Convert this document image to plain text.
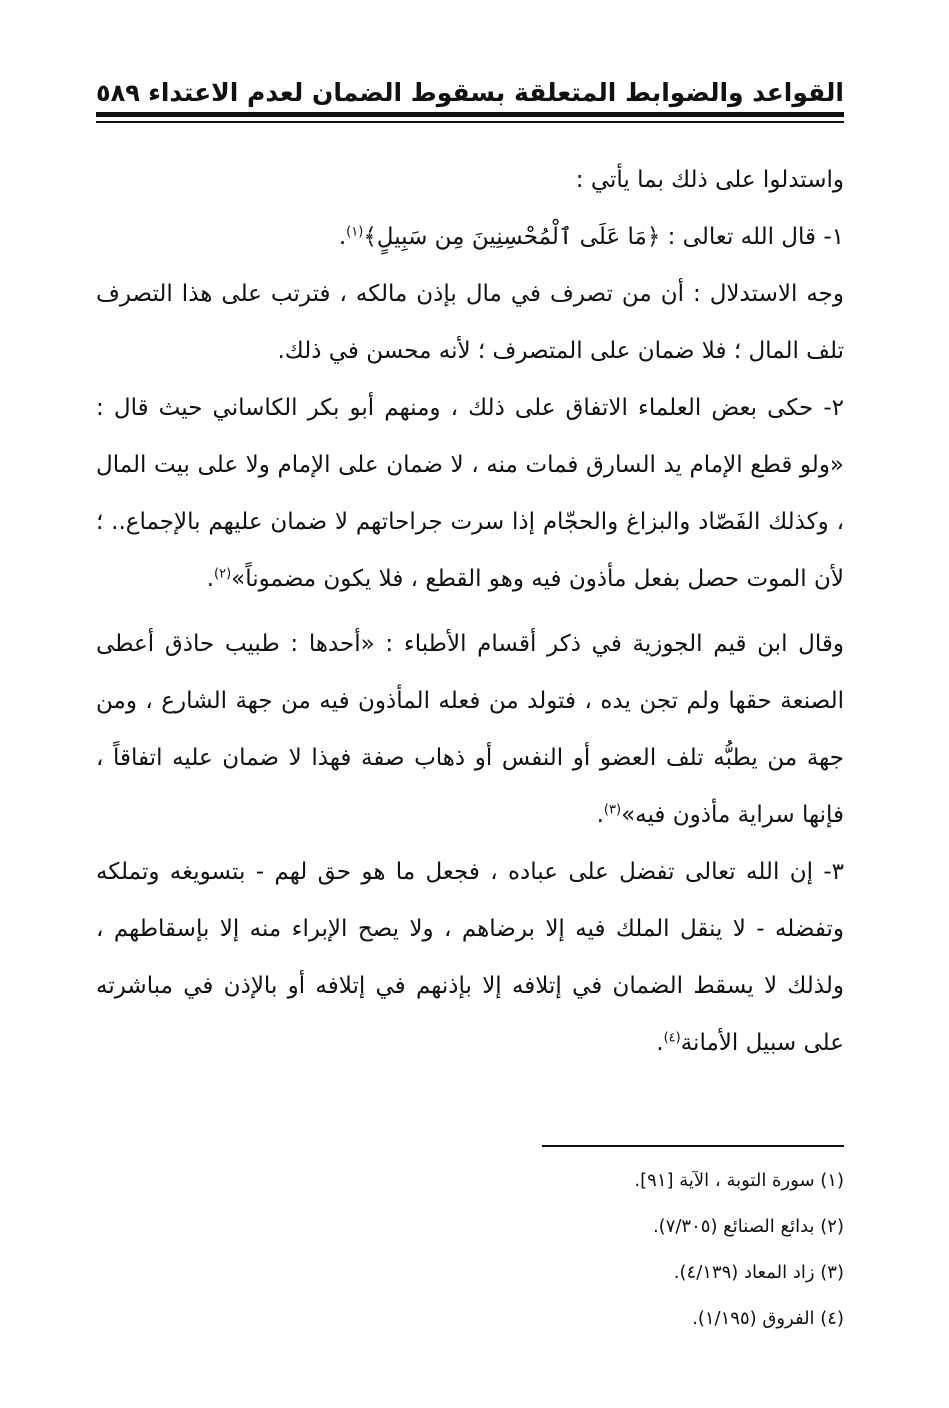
القواعد والضوابط المتعلقة بسقوط الضمان لعدم الاعتداء
٥٨٩

واستدلوا على ذلك بما يأتي :

١- قال الله تعالى : ﴿مَا عَلَى ٱلْمُحْسِنِينَ مِن سَبِيلٍ﴾$^{(١)}$.

وجه الاستدلال : أن من تصرف في مال بإذن مالكه ، فترتب على هذا التصرف تلف المال ؛ فلا ضمان على المتصرف ؛ لأنه محسن في ذلك.

٢- حكى بعض العلماء الاتفاق على ذلك ، ومنهم أبو بكر الكاساني حيث قال : «ولو قطع الإمام يد السارق فمات منه ، لا ضمان على الإمام ولا على بيت المال ، وكذلك الفَصّاد والبزاغ والحجّام إذا سرت جراحاتهم لا ضمان عليهم بالإجماع.. ؛ لأن الموت حصل بفعل مأذون فيه وهو القطع ، فلا يكون مضموناً»$^{(٢)}$.

وقال ابن قيم الجوزية في ذكر أقسام الأطباء : «أحدها : طبيب حاذق أعطى الصنعة حقها ولم تجن يده ، فتولد من فعله المأذون فيه من جهة الشارع ، ومن جهة من يطبُّه تلف العضو أو النفس أو ذهاب صفة فهذا لا ضمان عليه اتفاقاً ، فإنها سراية مأذون فيه»$^{(٣)}$.

٣- إن الله تعالى تفضل على عباده ، فجعل ما هو حق لهم - بتسويغه وتملكه وتفضله - لا ينقل الملك فيه إلا برضاهم ، ولا يصح الإبراء منه إلا بإسقاطهم ، ولذلك لا يسقط الضمان في إتلافه إلا بإذنهم في إتلافه أو بالإذن في مباشرته على سبيل الأمانة$^{(٤)}$.

(١) سورة التوبة ، الآية [٩١].
(٢) بدائع الصنائع (٧/٣٠٥).
(٣) زاد المعاد (٤/١٣٩).
(٤) الفروق (١/١٩٥).
